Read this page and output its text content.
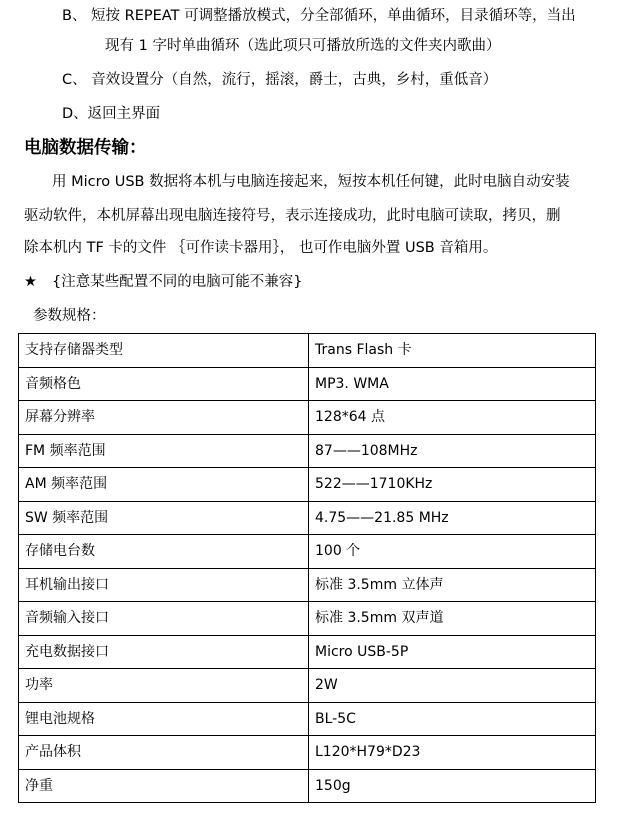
B、 短按 REPEAT 可调整播放模式，分全部循环，单曲循环，目录循环等，当出
现有 1 字时单曲循环（选此项只可播放所选的文件夹内歌曲）
C、 音效设置分（自然，流行，摇滚，爵士，古典，乡村，重低音）
D、返回主界面
电脑数据传输：
用 Micro USB 数据将本机与电脑连接起来，短按本机任何键，此时电脑自动安装
驱动软件，本机屏幕出现电脑连接符号，表示连接成功，此时电脑可读取，拷贝，删
除本机内 TF 卡的文件 ｛可作读卡器用｝， 也可作电脑外置 USB 音箱用。
★ {注意某些配置不同的电脑可能不兼容}
参数规格：
支持存储器类型	Trans Flash 卡
音频格色	MP3. WMA
屏幕分辨率	128*64 点
FM 频率范围	87——108MHz
AM 频率范围	522——1710KHz
SW 频率范围	4.75——21.85 MHz
存储电台数	100 个
耳机输出接口	标准 3.5mm 立体声
音频输入接口	标准 3.5mm 双声道
充电数据接口	Micro USB-5P
功率	2W
锂电池规格	BL-5C
产品体积	L120*H79*D23
净重	150g
